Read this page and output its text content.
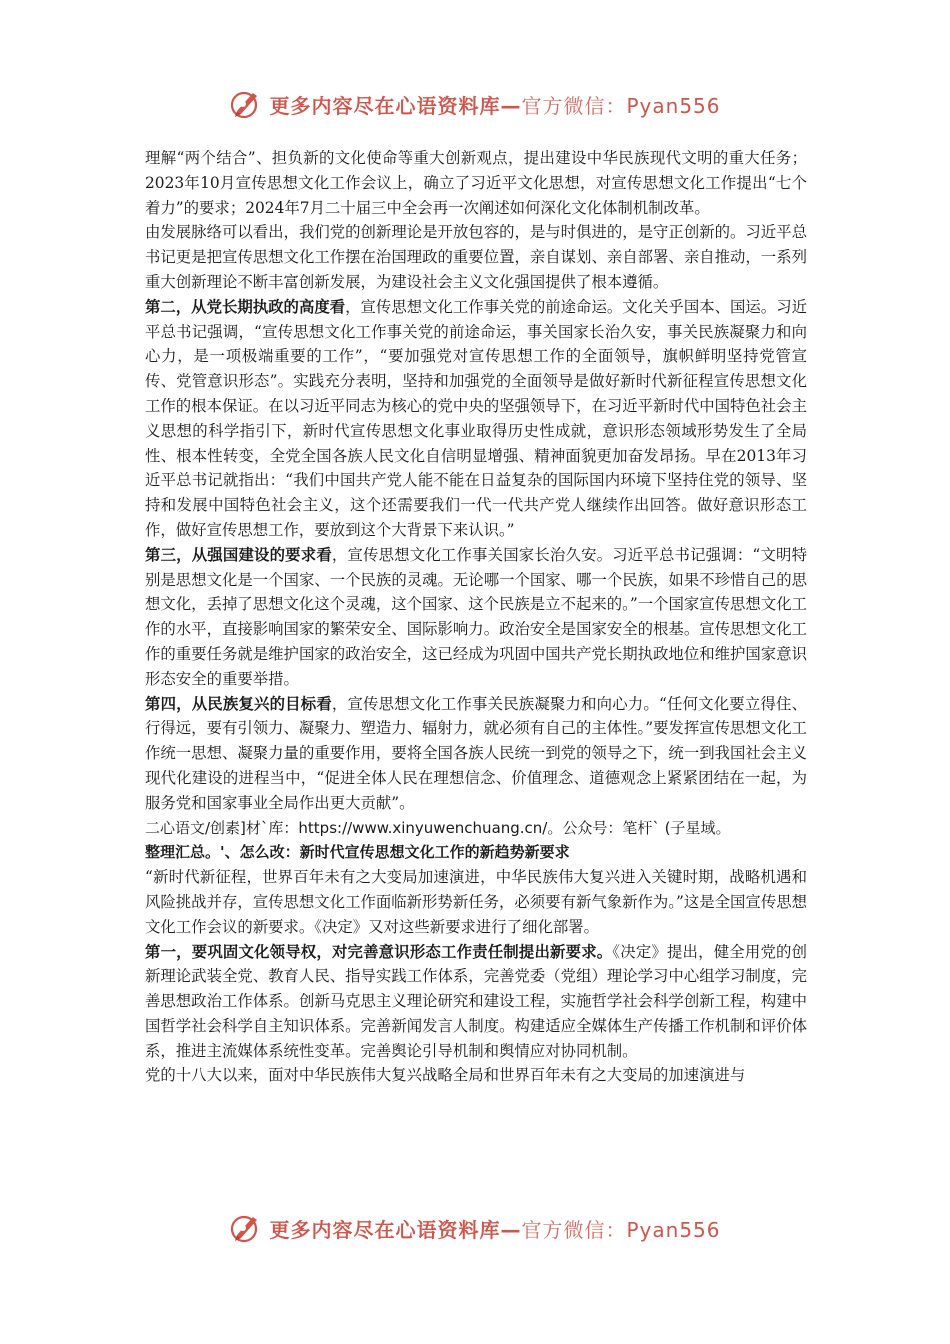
更多内容尽在心语资料库—官方微信：Pyan556

理解“两个结合”、担负新的文化使命等重大创新观点，提出建设中华民族现代文明的重大任务；2023年10月宣传思想文化工作会议上，确立了习近平文化思想，对宣传思想文化工作提出“七个着力”的要求；2024年7月二十届三中全会再一次阐述如何深化文化体制机制改革。

由发展脉络可以看出，我们党的创新理论是开放包容的，是与时俱进的，是守正创新的。习近平总书记更是把宣传思想文化工作摆在治国理政的重要位置，亲自谋划、亲自部署、亲自推动，一系列重大创新理论不断丰富创新发展，为建设社会主义文化强国提供了根本遵循。

第二，从党长期执政的高度看，宣传思想文化工作事关党的前途命运。文化关乎国本、国运。习近平总书记强调，“宣传思想文化工作事关党的前途命运，事关国家长治久安，事关民族凝聚力和向心力，是一项极端重要的工作”，“要加强党对宣传思想工作的全面领导，旗帜鲜明坚持党管宣传、党管意识形态”。实践充分表明，坚持和加强党的全面领导是做好新时代新征程宣传思想文化工作的根本保证。在以习近平同志为核心的党中央的坚强领导下，在习近平新时代中国特色社会主义思想的科学指引下，新时代宣传思想文化事业取得历史性成就，意识形态领域形势发生了全局性、根本性转变，全党全国各族人民文化自信明显增强、精神面貌更加奋发昂扬。早在2013年习近平总书记就指出：“我们中国共产党人能不能在日益复杂的国际国内环境下坚持住党的领导、坚持和发展中国特色社会主义，这个还需要我们一代一代共产党人继续作出回答。做好意识形态工作，做好宣传思想工作，要放到这个大背景下来认识。”

第三，从强国建设的要求看，宣传思想文化工作事关国家长治久安。习近平总书记强调：“文明特别是思想文化是一个国家、一个民族的灵魂。无论哪一个国家、哪一个民族，如果不珍惜自己的思想文化，丢掉了思想文化这个灵魂，这个国家、这个民族是立不起来的。”一个国家宣传思想文化工作的水平，直接影响国家的繁荣安全、国际影响力。政治安全是国家安全的根基。宣传思想文化工作的重要任务就是维护国家的政治安全，这已经成为巩固中国共产党长期执政地位和维护国家意识形态安全的重要举措。

第四，从民族复兴的目标看，宣传思想文化工作事关民族凝聚力和向心力。“任何文化要立得住、行得远，要有引领力、凝聚力、塑造力、辐射力，就必须有自己的主体性。”要发挥宣传思想文化工作统一思想、凝聚力量的重要作用，要将全国各族人民统一到党的领导之下，统一到我国社会主义现代化建设的进程当中，“促进全体人民在理想信念、价值理念、道德观念上紧紧团结在一起，为服务党和国家事业全局作出更大贡献”。

二心语文/创素]材`库：https://www.xinyuwenchuang.cn/。公众号：笔杆` (子星域。

整理汇总。'、怎么改：新时代宣传思想文化工作的新趋势新要求

“新时代新征程，世界百年未有之大变局加速演进，中华民族伟大复兴进入关键时期，战略机遇和风险挑战并存，宣传思想文化工作面临新形势新任务，必须要有新气象新作为。”这是全国宣传思想文化工作会议的新要求。《决定》又对这些新要求进行了细化部署。

第一，要巩固文化领导权，对完善意识形态工作责任制提出新要求。《决定》提出，健全用党的创新理论武装全党、教育人民、指导实践工作体系，完善党委（党组）理论学习中心组学习制度，完善思想政治工作体系。创新马克思主义理论研究和建设工程，实施哲学社会科学创新工程，构建中国哲学社会科学自主知识体系。完善新闻发言人制度。构建适应全媒体生产传播工作机制和评价体系，推进主流媒体系统性变革。完善舆论引导机制和舆情应对协同机制。

党的十八大以来，面对中华民族伟大复兴战略全局和世界百年未有之大变局的加速演进与

更多内容尽在心语资料库—官方微信：Pyan556
